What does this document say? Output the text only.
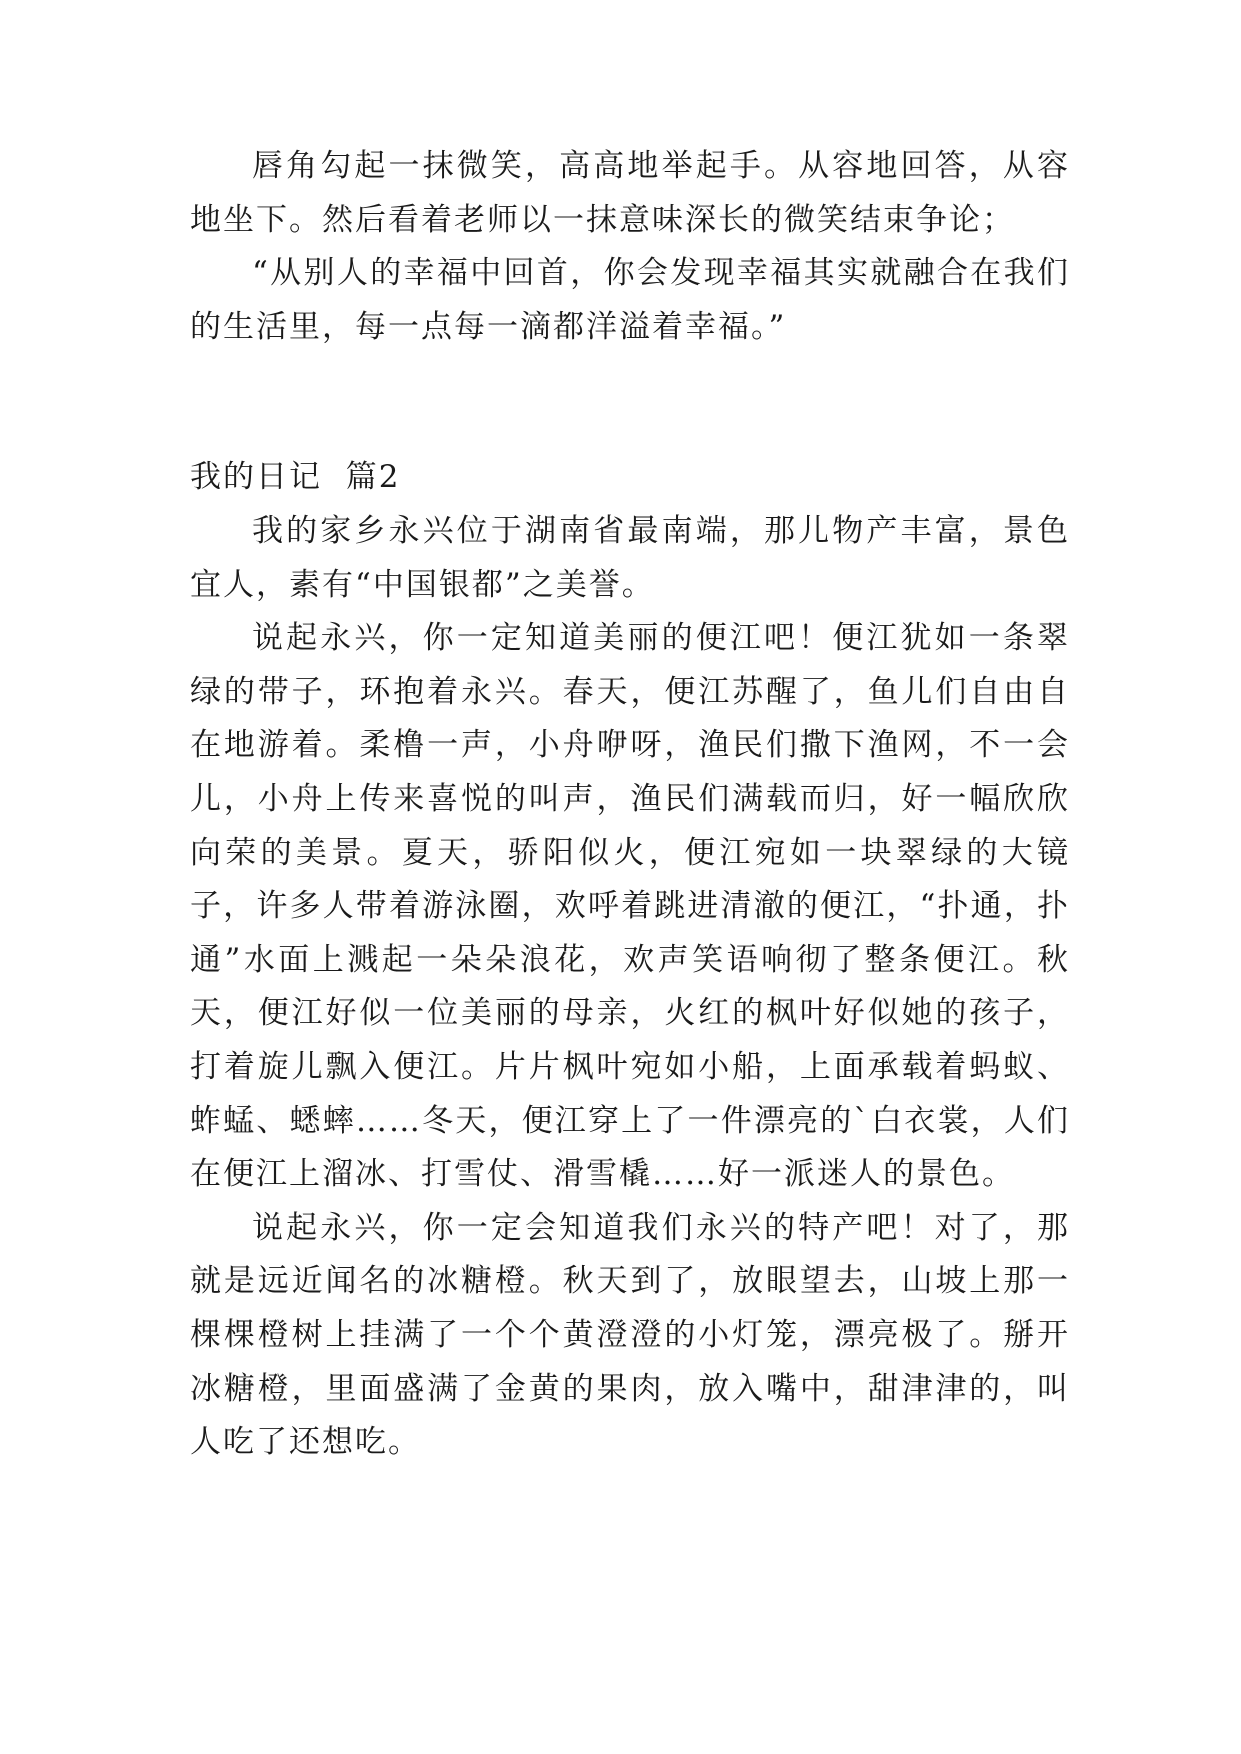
唇角勾起一抹微笑，高高地举起手。从容地回答，从容地坐下。然后看着老师以一抹意味深长的微笑结束争论；

“从别人的幸福中回首，你会发现幸福其实就融合在我们的生活里，每一点每一滴都洋溢着幸福。”

我的日记  篇2

我的家乡永兴位于湖南省最南端，那儿物产丰富，景色宜人，素有“中国银都”之美誉。

说起永兴，你一定知道美丽的便江吧！便江犹如一条翠绿的带子，环抱着永兴。春天，便江苏醒了，鱼儿们自由自在地游着。柔橹一声，小舟咿呀，渔民们撒下渔网，不一会儿，小舟上传来喜悦的叫声，渔民们满载而归，好一幅欣欣向荣的美景。夏天，骄阳似火，便江宛如一块翠绿的大镜子，许多人带着游泳圈，欢呼着跳进清澈的便江，“扑通，扑通”水面上溅起一朵朵浪花，欢声笑语响彻了整条便江。秋天，便江好似一位美丽的母亲，火红的枫叶好似她的孩子，打着旋儿飘入便江。片片枫叶宛如小船，上面承载着蚂蚁、蚱蜢、蟋蟀……冬天，便江穿上了一件漂亮的`白衣裳，人们在便江上溜冰、打雪仗、滑雪橇……好一派迷人的景色。

说起永兴，你一定会知道我们永兴的特产吧！对了，那就是远近闻名的冰糖橙。秋天到了，放眼望去，山坡上那一棵棵橙树上挂满了一个个黄澄澄的小灯笼，漂亮极了。掰开冰糖橙，里面盛满了金黄的果肉，放入嘴中，甜津津的，叫人吃了还想吃。
